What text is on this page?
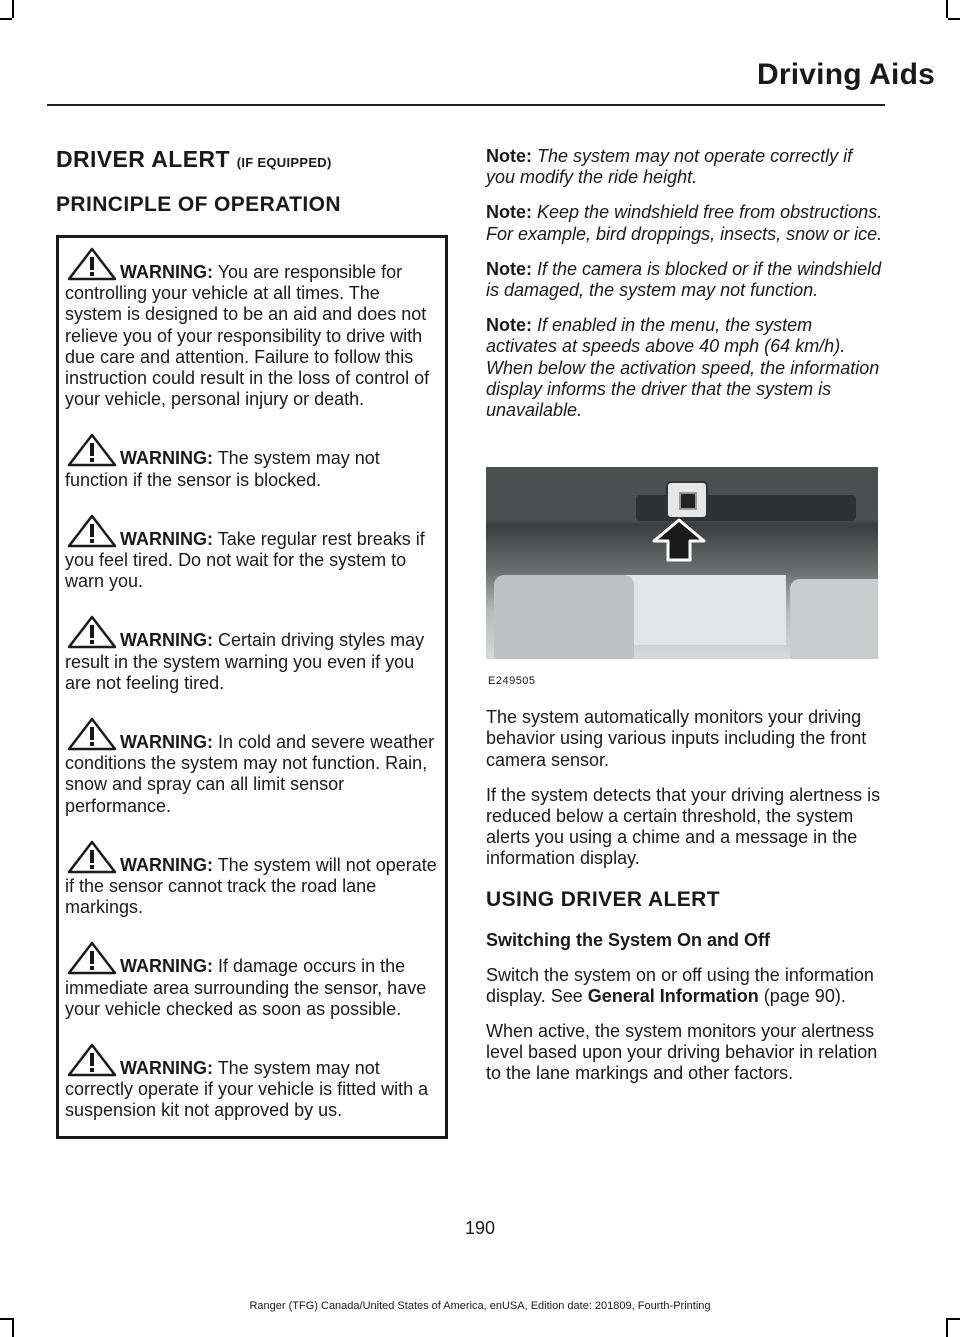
Driving Aids
DRIVER ALERT (IF EQUIPPED)
PRINCIPLE OF OPERATION

WARNING: You are responsible for controlling your vehicle at all times. The system is designed to be an aid and does not relieve you of your responsibility to drive with due care and attention. Failure to follow this instruction could result in the loss of control of your vehicle, personal injury or death.

WARNING: The system may not function if the sensor is blocked.

WARNING: Take regular rest breaks if you feel tired. Do not wait for the system to warn you.

WARNING: Certain driving styles may result in the system warning you even if you are not feeling tired.

WARNING: In cold and severe weather conditions the system may not function. Rain, snow and spray can all limit sensor performance.

WARNING: The system will not operate if the sensor cannot track the road lane markings.

WARNING: If damage occurs in the immediate area surrounding the sensor, have your vehicle checked as soon as possible.

WARNING: The system may not correctly operate if your vehicle is fitted with a suspension kit not approved by us.

Note: The system may not operate correctly if you modify the ride height.

Note: Keep the windshield free from obstructions. For example, bird droppings, insects, snow or ice.

Note: If the camera is blocked or if the windshield is damaged, the system may not function.

Note: If enabled in the menu, the system activates at speeds above 40 mph (64 km/h). When below the activation speed, the information display informs the driver that the system is unavailable.

E249505

The system automatically monitors your driving behavior using various inputs including the front camera sensor.

If the system detects that your driving alertness is reduced below a certain threshold, the system alerts you using a chime and a message in the information display.

USING DRIVER ALERT
Switching the System On and Off

Switch the system on or off using the information display. See General Information (page 90).

When active, the system monitors your alertness level based upon your driving behavior in relation to the lane markings and other factors.

190
Ranger (TFG) Canada/United States of America, enUSA, Edition date: 201809, Fourth-Printing
